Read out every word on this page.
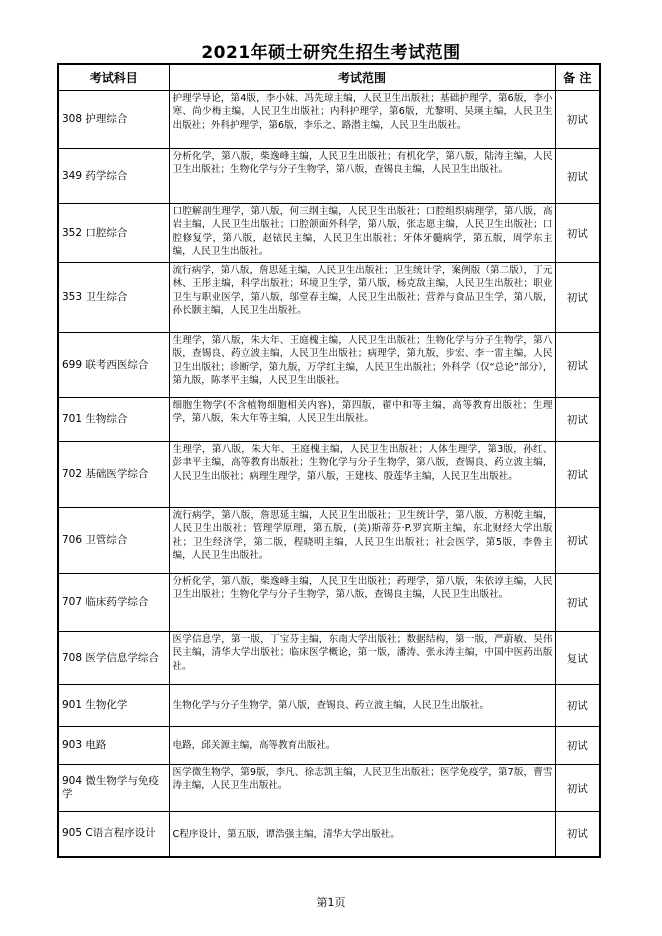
2021年硕士研究生招生考试范围
考试科目	考试范围	备 注
308 护理综合	护理学导论，第4版，李小妹、冯先琼主编，人民卫生出版社；基础护理学，第6版，李小寒、尚少梅主编，人民卫生出版社；内科护理学，第6版，尤黎明、吴瑛主编，人民卫生出版社；外科护理学，第6版，李乐之、路潜主编，人民卫生出版社。	初试
349 药学综合	分析化学，第八版，柴逸峰主编，人民卫生出版社；有机化学，第八版，陆涛主编，人民卫生出版社；生物化学与分子生物学，第八版，查锡良主编，人民卫生出版社。	初试
352 口腔综合	口腔解剖生理学，第八版，何三纲主编，人民卫生出版社；口腔组织病理学，第八版，高岩主编，人民卫生出版社；口腔颌面外科学，第八版，张志愿主编，人民卫生出版社；口腔修复学，第八版，赵铱民主编，人民卫生出版社；牙体牙髓病学，第五版，周学东主编，人民卫生出版社。	初试
353 卫生综合	流行病学，第八版，詹思延主编，人民卫生出版社；卫生统计学，案例版（第二版），丁元林、王彤主编，科学出版社；环境卫生学，第八版，杨克敌主编，人民卫生出版社；职业卫生与职业医学，第八版，邬堂春主编，人民卫生出版社；营养与食品卫生学，第八版，孙长颢主编，人民卫生出版社。	初试
699 联考西医综合	生理学，第八版，朱大年、王庭槐主编，人民卫生出版社；生物化学与分子生物学，第八版，查锡良、药立波主编，人民卫生出版社；病理学，第九版，步宏、李一雷主编，人民卫生出版社；诊断学，第九版，万学红主编，人民卫生出版社；外科学（仅“总论”部分），第九版，陈孝平主编，人民卫生出版社。	初试
701 生物综合	细胞生物学(不含植物细胞相关内容)，第四版，翟中和等主编，高等教育出版社；生理学，第八版，朱大年等主编，人民卫生出版社。	初试
702 基础医学综合	生理学，第八版，朱大年、王庭槐主编，人民卫生出版社；人体生理学，第3版，孙红、彭聿平主编，高等教育出版社；生物化学与分子生物学，第八版，查锡良、药立波主编，人民卫生出版社；病理生理学，第八版，王建枝、殷莲华主编，人民卫生出版社。	初试
706 卫管综合	流行病学，第八版，詹思延主编，人民卫生出版社；卫生统计学，第八版，方积乾主编，人民卫生出版社；管理学原理，第五版，(美)斯蒂芬·P.罗宾斯主编，东北财经大学出版社；卫生经济学，第二版，程晓明主编，人民卫生出版社；社会医学，第5版，李鲁主编，人民卫生出版社。	初试
707 临床药学综合	分析化学，第八版，柴逸峰主编，人民卫生出版社；药理学，第八版，朱依谆主编，人民卫生出版社；生物化学与分子生物学，第八版，查锡良主编，人民卫生出版社。	初试
708 医学信息学综合	医学信息学，第一版，丁宝芬主编，东南大学出版社；数据结构，第一版，严蔚敏、吴伟民主编，清华大学出版社；临床医学概论，第一版，潘涛、张永涛主编，中国中医药出版社。	复试
901 生物化学	生物化学与分子生物学，第八版，查锡良、药立波主编，人民卫生出版社。	初试
903 电路	电路，邱关源主编，高等教育出版社。	初试
904 微生物学与免疫学	医学微生物学，第9版，李凡、徐志凯主编，人民卫生出版社；医学免疫学，第7版，曹雪涛主编，人民卫生出版社。	初试
905 C语言程序设计	C程序设计，第五版，谭浩强主编，清华大学出版社。	初试
第1页
